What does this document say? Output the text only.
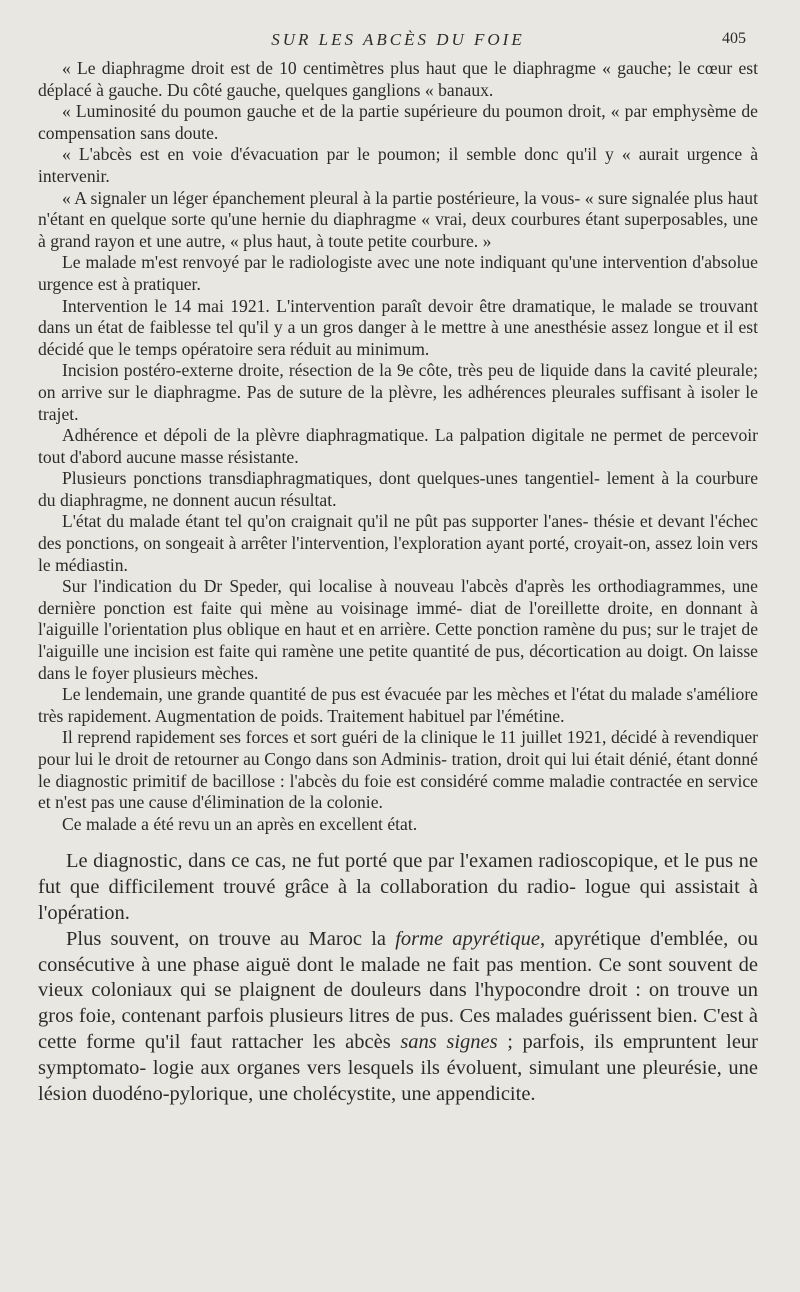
SUR LES ABCÈS DU FOIE	405

« Le diaphragme droit est de 10 centimètres plus haut que le diaphragme « gauche; le cœur est déplacé à gauche. Du côté gauche, quelques ganglions « banaux.

« Luminosité du poumon gauche et de la partie supérieure du poumon droit, « par emphysème de compensation sans doute.

« L'abcès est en voie d'évacuation par le poumon; il semble donc qu'il y « aurait urgence à intervenir.

« A signaler un léger épanchement pleural à la partie postérieure, la vous- « sure signalée plus haut n'étant en quelque sorte qu'une hernie du diaphragme « vrai, deux courbures étant superposables, une à grand rayon et une autre, « plus haut, à toute petite courbure. »

Le malade m'est renvoyé par le radiologiste avec une note indiquant qu'une intervention d'absolue urgence est à pratiquer.

Intervention le 14 mai 1921. L'intervention paraît devoir être dramatique, le malade se trouvant dans un état de faiblesse tel qu'il y a un gros danger à le mettre à une anesthésie assez longue et il est décidé que le temps opératoire sera réduit au minimum.

Incision postéro-externe droite, résection de la 9e côte, très peu de liquide dans la cavité pleurale; on arrive sur le diaphragme. Pas de suture de la plèvre, les adhérences pleurales suffisant à isoler le trajet.

Adhérence et dépoli de la plèvre diaphragmatique. La palpation digitale ne permet de percevoir tout d'abord aucune masse résistante.

Plusieurs ponctions transdiaphragmatiques, dont quelques-unes tangentiel- lement à la courbure du diaphragme, ne donnent aucun résultat.

L'état du malade étant tel qu'on craignait qu'il ne pût pas supporter l'anes- thésie et devant l'échec des ponctions, on songeait à arrêter l'intervention, l'exploration ayant porté, croyait-on, assez loin vers le médiastin.

Sur l'indication du Dr Speder, qui localise à nouveau l'abcès d'après les orthodiagrammes, une dernière ponction est faite qui mène au voisinage immé- diat de l'oreillette droite, en donnant à l'aiguille l'orientation plus oblique en haut et en arrière. Cette ponction ramène du pus; sur le trajet de l'aiguille une incision est faite qui ramène une petite quantité de pus, décortication au doigt. On laisse dans le foyer plusieurs mèches.

Le lendemain, une grande quantité de pus est évacuée par les mèches et l'état du malade s'améliore très rapidement. Augmentation de poids. Traitement habituel par l'émétine.

Il reprend rapidement ses forces et sort guéri de la clinique le 11 juillet 1921, décidé à revendiquer pour lui le droit de retourner au Congo dans son Adminis- tration, droit qui lui était dénié, étant donné le diagnostic primitif de bacillose : l'abcès du foie est considéré comme maladie contractée en service et n'est pas une cause d'élimination de la colonie.

Ce malade a été revu un an après en excellent état.

Le diagnostic, dans ce cas, ne fut porté que par l'examen radioscopique, et le pus ne fut que difficilement trouvé grâce à la collaboration du radio- logue qui assistait à l'opération.

Plus souvent, on trouve au Maroc la forme apyrétique, apyrétique d'emblée, ou consécutive à une phase aiguë dont le malade ne fait pas mention. Ce sont souvent de vieux coloniaux qui se plaignent de douleurs dans l'hypocondre droit : on trouve un gros foie, contenant parfois plusieurs litres de pus. Ces malades guérissent bien. C'est à cette forme qu'il faut rattacher les abcès sans signes ; parfois, ils empruntent leur symptomato- logie aux organes vers lesquels ils évoluent, simulant une pleurésie, une lésion duodéno-pylorique, une cholécystite, une appendicite.
